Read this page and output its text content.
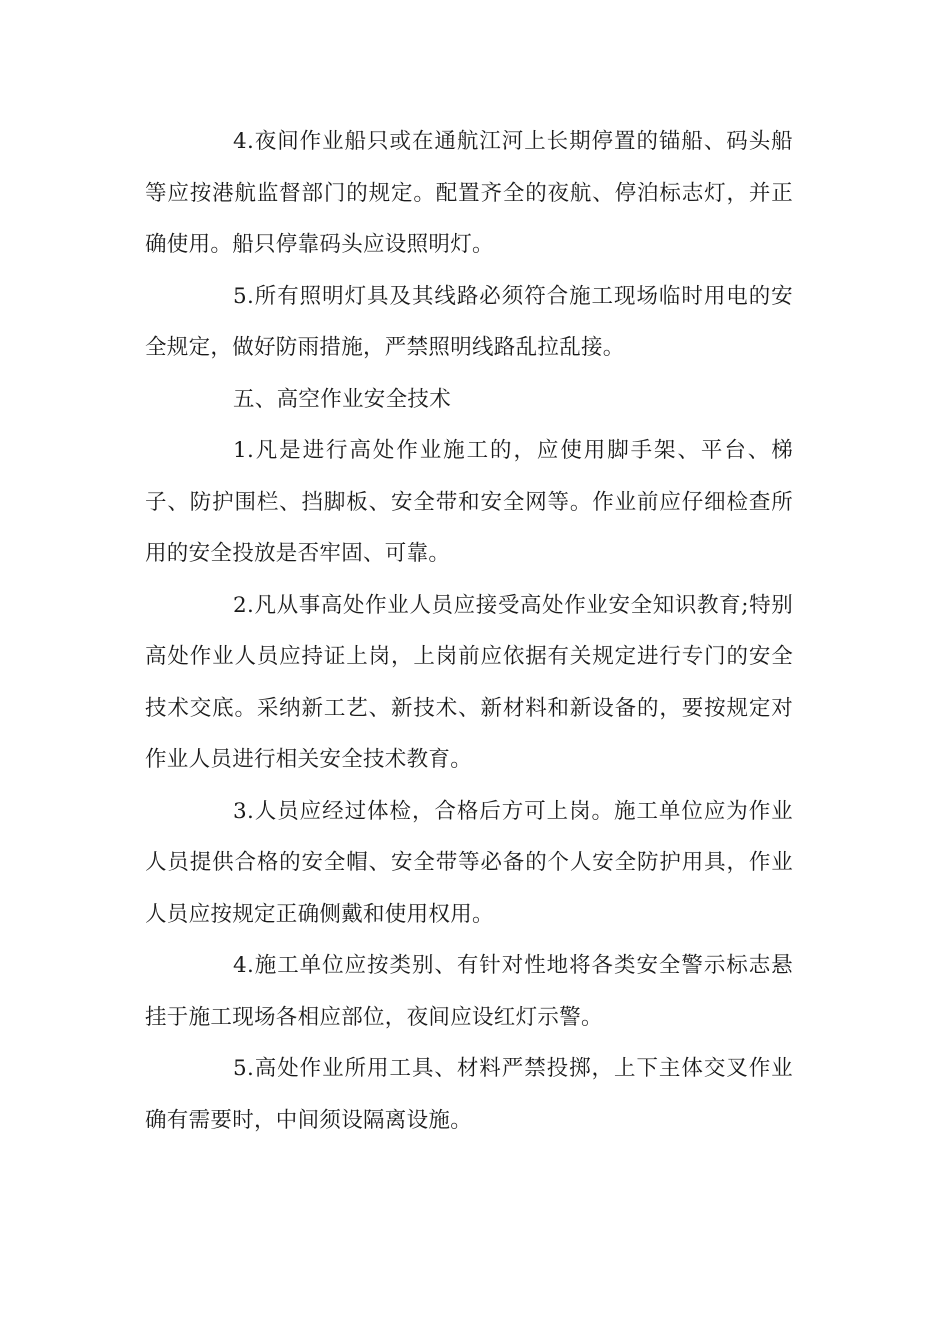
4.夜间作业船只或在通航江河上长期停置的锚船、码头船等应按港航监督部门的规定。配置齐全的夜航、停泊标志灯，并正确使用。船只停靠码头应设照明灯。

5.所有照明灯具及其线路必须符合施工现场临时用电的安全规定，做好防雨措施，严禁照明线路乱拉乱接。

五、高空作业安全技术

1.凡是进行高处作业施工的，应使用脚手架、平台、梯子、防护围栏、挡脚板、安全带和安全网等。作业前应仔细检查所用的安全投放是否牢固、可靠。

2.凡从事高处作业人员应接受高处作业安全知识教育;特别高处作业人员应持证上岗，上岗前应依据有关规定进行专门的安全技术交底。采纳新工艺、新技术、新材料和新设备的，要按规定对作业人员进行相关安全技术教育。

3.人员应经过体检，合格后方可上岗。施工单位应为作业人员提供合格的安全帽、安全带等必备的个人安全防护用具，作业人员应按规定正确侧戴和使用权用。

4.施工单位应按类别、有针对性地将各类安全警示标志悬挂于施工现场各相应部位，夜间应设红灯示警。

5.高处作业所用工具、材料严禁投掷，上下主体交叉作业确有需要时，中间须设隔离设施。
